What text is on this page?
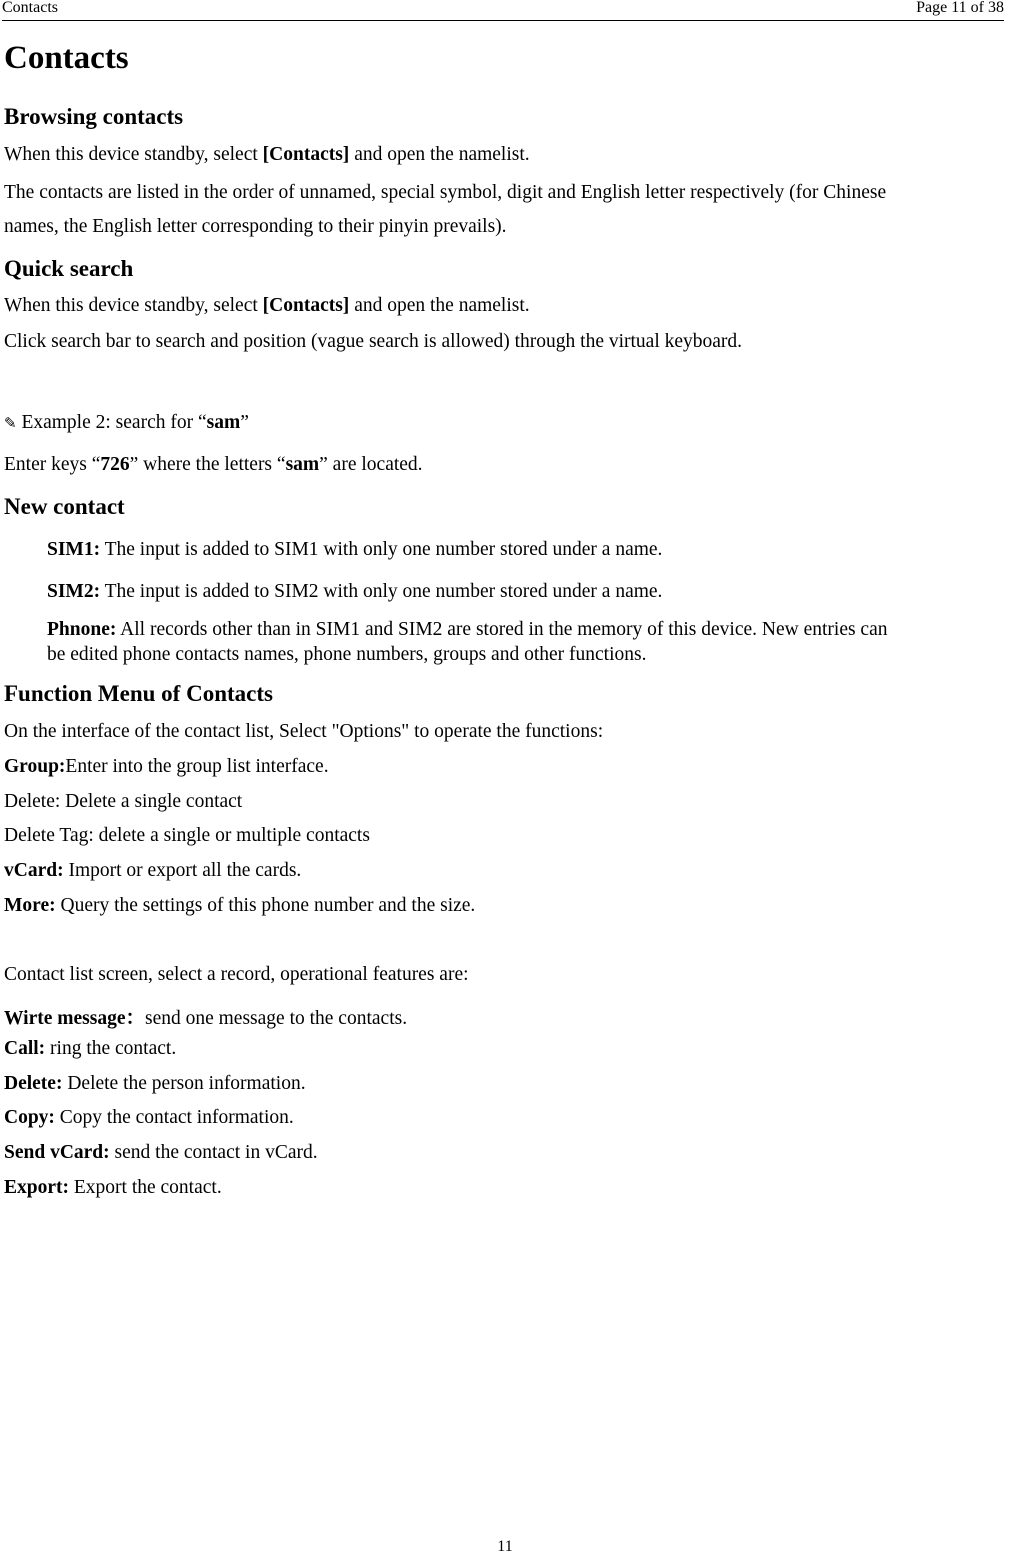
Contacts	Page 11 of 38
Contacts
Browsing contacts
When this device standby, select [Contacts] and open the namelist.
The contacts are listed in the order of unnamed, special symbol, digit and English letter respectively (for Chinese
names, the English letter corresponding to their pinyin prevails).
Quick search
When this device standby, select [Contacts] and open the namelist.
Click search bar to search and position (vague search is allowed) through the virtual keyboard.
✎ Example 2: search for “sam”
Enter keys “726” where the letters “sam” are located.
New contact
SIM1: The input is added to SIM1 with only one number stored under a name.
SIM2: The input is added to SIM2 with only one number stored under a name.
Phnone: All records other than in SIM1 and SIM2 are stored in the memory of this device. New entries can
be edited phone contacts names, phone numbers, groups and other functions.
Function Menu of Contacts
On the interface of the contact list, Select "Options" to operate the functions:
Group:Enter into the group list interface.
Delete: Delete a single contact
Delete Tag: delete a single or multiple contacts
vCard: Import or export all the cards.
More: Query the settings of this phone number and the size.
Contact list screen, select a record, operational features are:
Wirte message：send one message to the contacts.
Call: ring the contact.
Delete: Delete the person information.
Copy: Copy the contact information.
Send vCard: send the contact in vCard.
Export: Export the contact.
11
